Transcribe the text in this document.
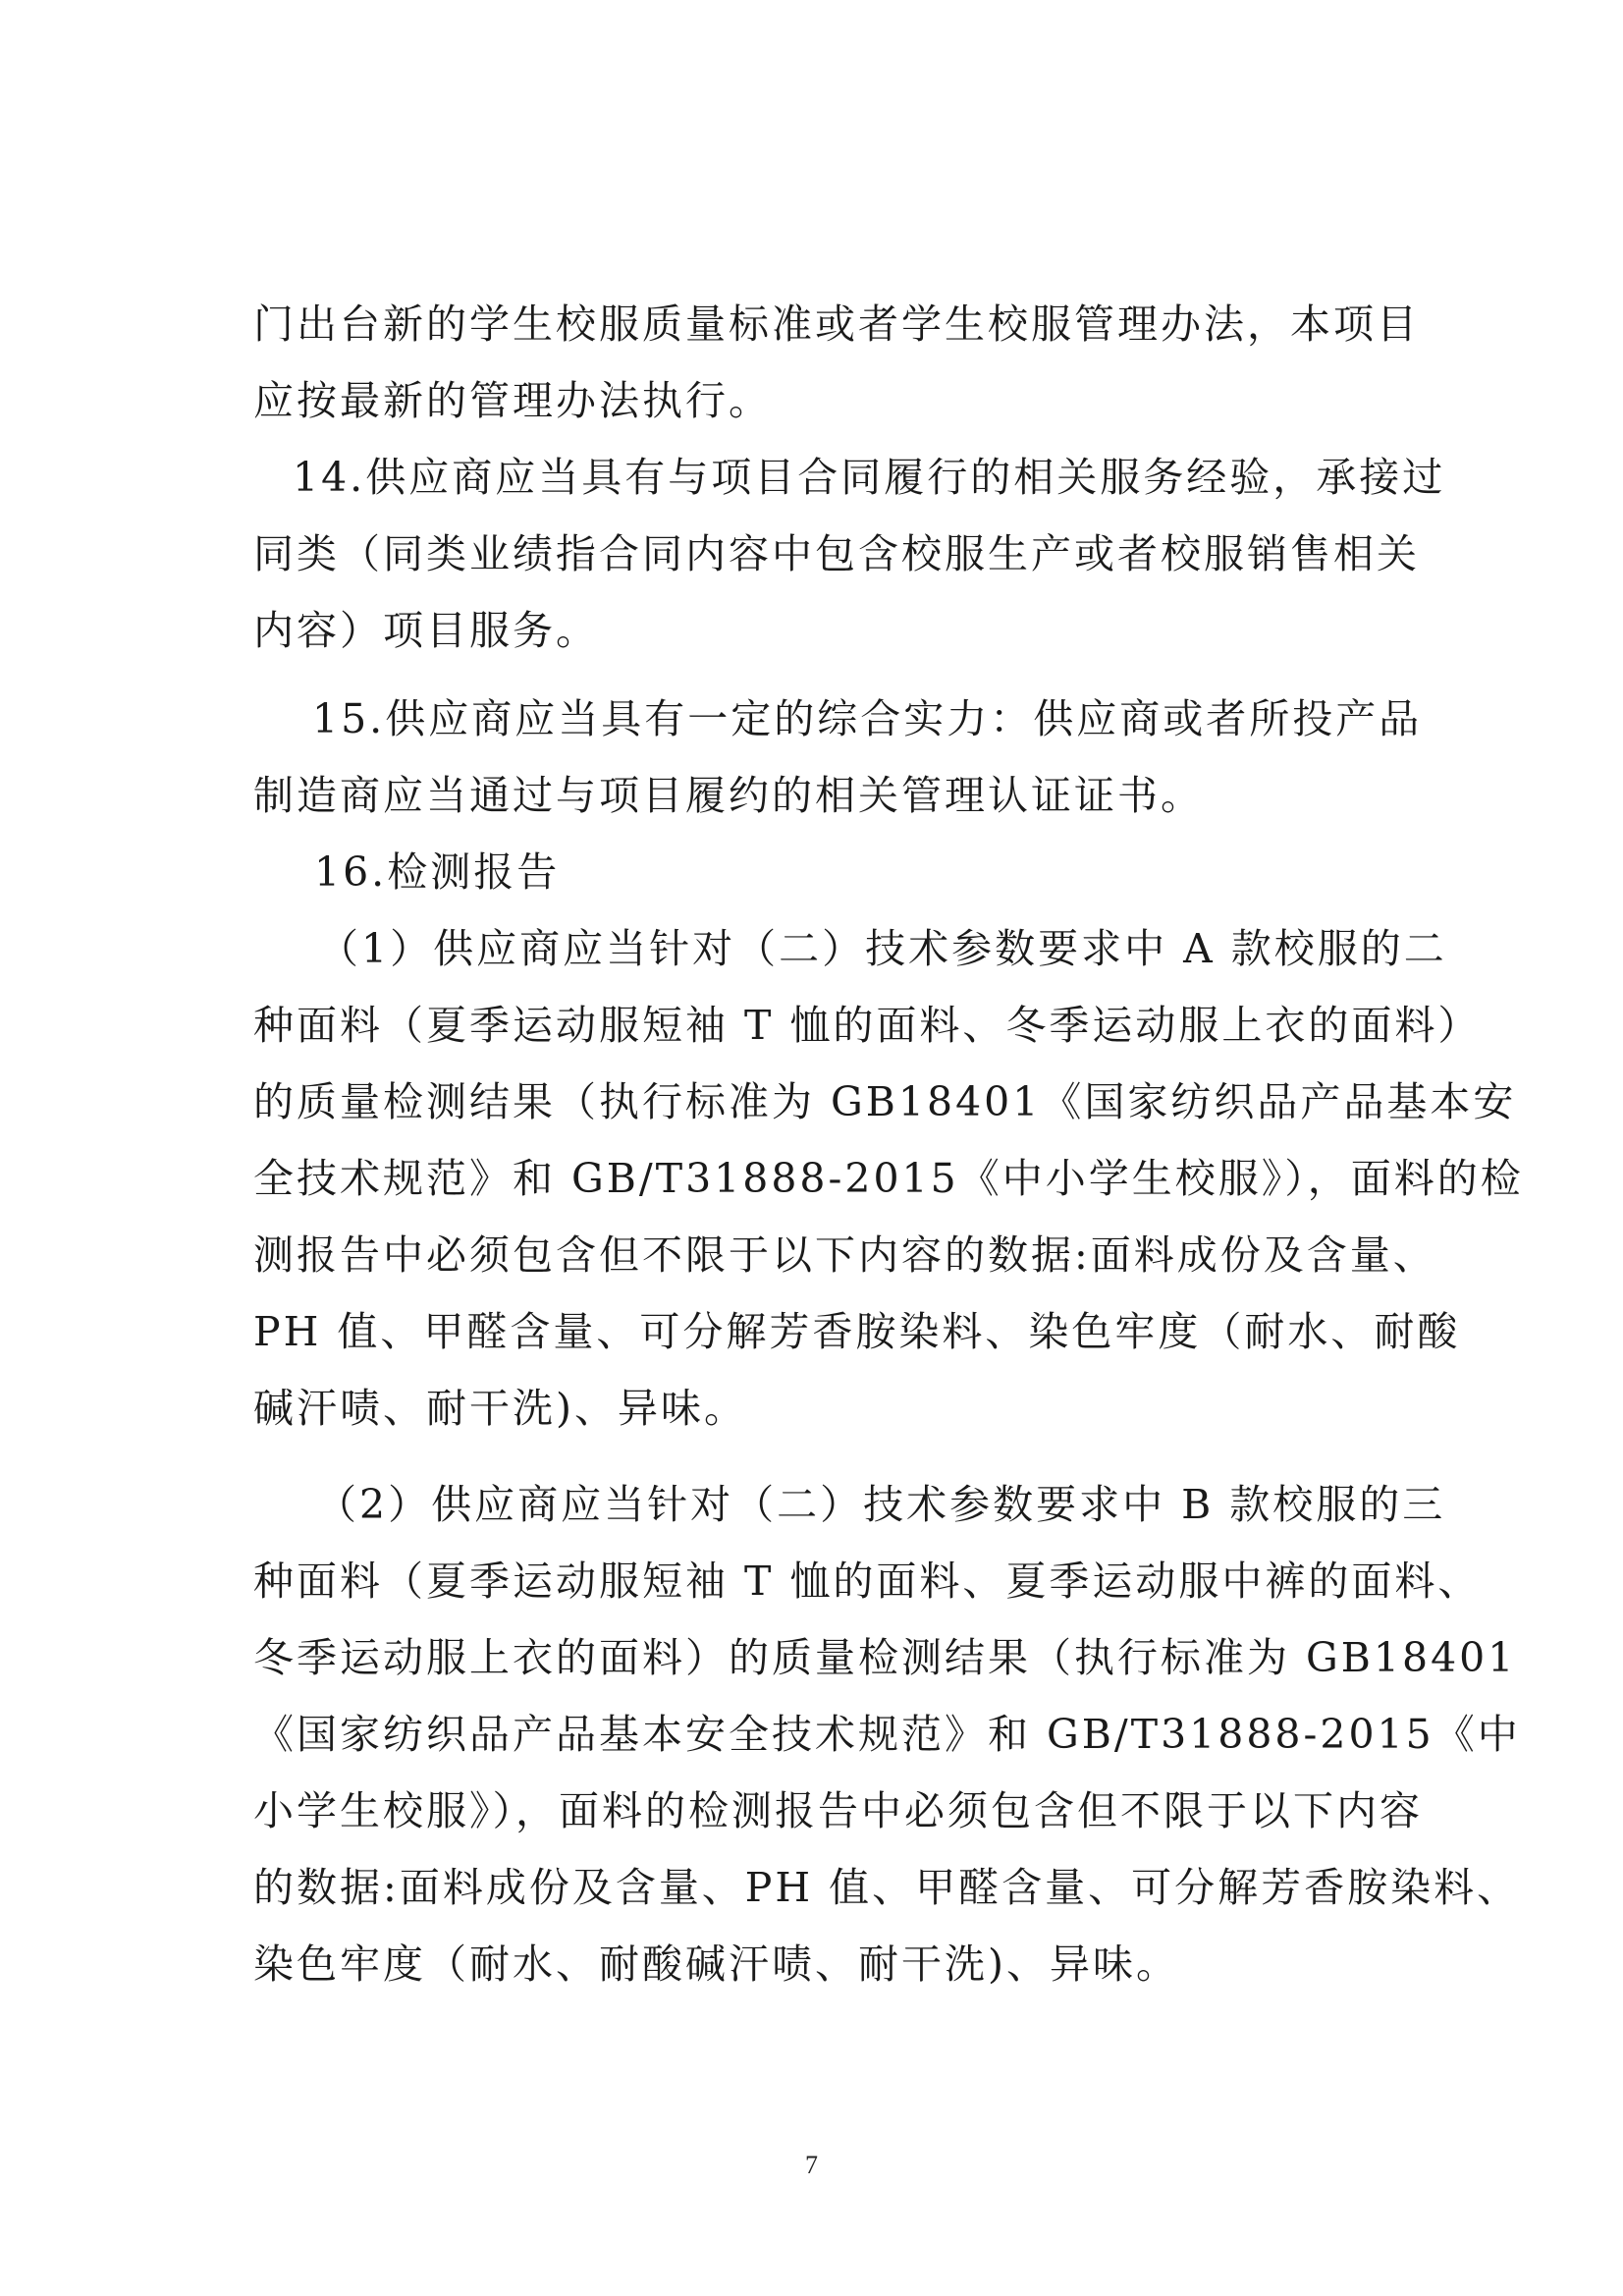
门出台新的学生校服质量标准或者学生校服管理办法，本项目
应按最新的管理办法执行。
14.供应商应当具有与项目合同履行的相关服务经验，承接过
同类（同类业绩指合同内容中包含校服生产或者校服销售相关
内容）项目服务。
15.供应商应当具有一定的综合实力：供应商或者所投产品
制造商应当通过与项目履约的相关管理认证证书。
16.检测报告
（1）供应商应当针对（二）技术参数要求中 A 款校服的二
种面料（夏季运动服短袖 T 恤的面料、冬季运动服上衣的面料）
的质量检测结果（执行标准为 GB18401《国家纺织品产品基本安
全技术规范》和 GB/T31888-2015《中小学生校服》），面料的检
测报告中必须包含但不限于以下内容的数据:面料成份及含量、
PH 值、甲醛含量、可分解芳香胺染料、染色牢度（耐水、耐酸
碱汗啧、耐干洗)、异味。
（2）供应商应当针对（二）技术参数要求中 B 款校服的三
种面料（夏季运动服短袖 T 恤的面料、夏季运动服中裤的面料、
冬季运动服上衣的面料）的质量检测结果（执行标准为 GB18401
《国家纺织品产品基本安全技术规范》和 GB/T31888-2015《中
小学生校服》），面料的检测报告中必须包含但不限于以下内容
的数据:面料成份及含量、PH 值、甲醛含量、可分解芳香胺染料、
染色牢度（耐水、耐酸碱汗啧、耐干洗)、异味。
7
